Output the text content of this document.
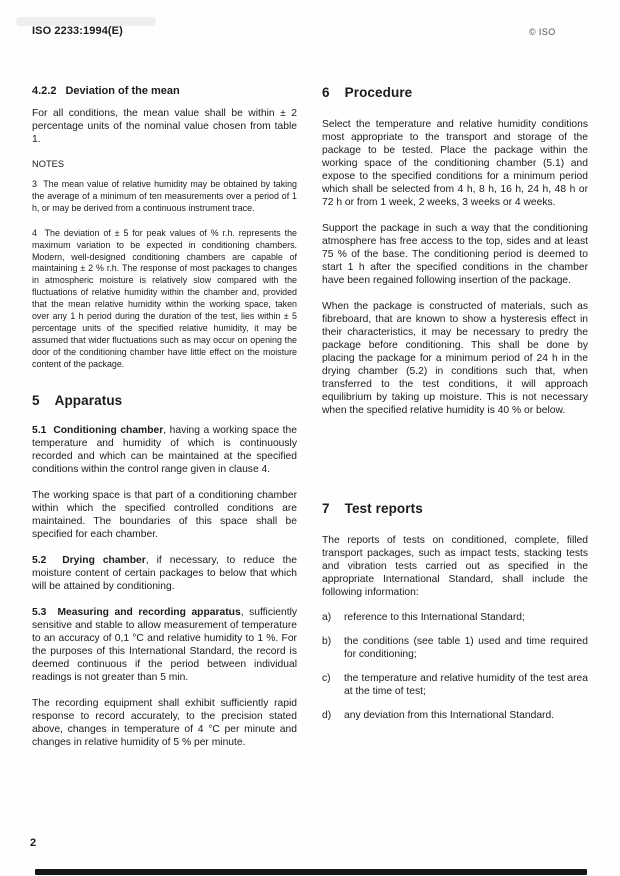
ISO 2233:1994(E)	© ISO
4.2.2 Deviation of the mean

For all conditions, the mean value shall be within ± 2 percentage units of the nominal value chosen from table 1.

NOTES

3  The mean value of relative humidity may be obtained by taking the average of a minimum of ten measurements over a period of 1 h, or may be derived from a continuous instrument trace.

4  The deviation of ± 5 for peak values of % r.h. represents the maximum variation to be expected in conditioning chambers. Modern, well-designed conditioning chambers are capable of maintaining ± 2 % r.h. The response of most packages to changes in atmospheric moisture is relatively slow compared with the fluctuations of relative humidity within the chamber and, provided that the mean relative humidity within the working space, taken over any 1 h period during the duration of the test, lies within ± 5 percentage units of the specified relative humidity, it may be assumed that wider fluctuations such as may occur on opening the door of the conditioning chamber have little effect on the moisture content of the package.

5 Apparatus

5.1  Conditioning chamber, having a working space the temperature and humidity of which is continuously recorded and which can be maintained at the specified conditions within the control range given in clause 4.

The working space is that part of a conditioning chamber within which the specified controlled conditions are maintained. The boundaries of this space shall be specified for each chamber.

5.2  Drying chamber, if necessary, to reduce the moisture content of certain packages to below that which will be attained by conditioning.

5.3  Measuring and recording apparatus, sufficiently sensitive and stable to allow measurement of temperature to an accuracy of 0,1 °C and relative humidity to 1 %. For the purposes of this International Standard, the record is deemed continuous if the period between individual readings is not greater than 5 min.

The recording equipment shall exhibit sufficiently rapid response to record accurately, to the precision stated above, changes in temperature of 4 °C per minute and changes in relative humidity of 5 % per minute.

6 Procedure

Select the temperature and relative humidity conditions most appropriate to the transport and storage of the package to be tested. Place the package within the working space of the conditioning chamber (5.1) and expose to the specified conditions for a minimum period which shall be selected from 4 h, 8 h, 16 h, 24 h, 48 h or 72 h or from 1 week, 2 weeks, 3 weeks or 4 weeks.

Support the package in such a way that the conditioning atmosphere has free access to the top, sides and at least 75 % of the base. The conditioning period is deemed to start 1 h after the specified conditions in the chamber have been regained following insertion of the package.

When the package is constructed of materials, such as fibreboard, that are known to show a hysteresis effect in their characteristics, it may be necessary to predry the package before conditioning. This shall be done by placing the package for a minimum period of 24 h in the drying chamber (5.2) in conditions such that, when transferred to the test conditions, it will approach equilibrium by taking up moisture. This is not necessary when the specified relative humidity is 40 % or below.

7 Test reports

The reports of tests on conditioned, complete, filled transport packages, such as impact tests, stacking tests and vibration tests carried out as specified in the appropriate International Standard, shall include the following information:

a)	reference to this International Standard;
b)	the conditions (see table 1) used and time required for conditioning;
c)	the temperature and relative humidity of the test area at the time of test;
d)	any deviation from this International Standard.
2
